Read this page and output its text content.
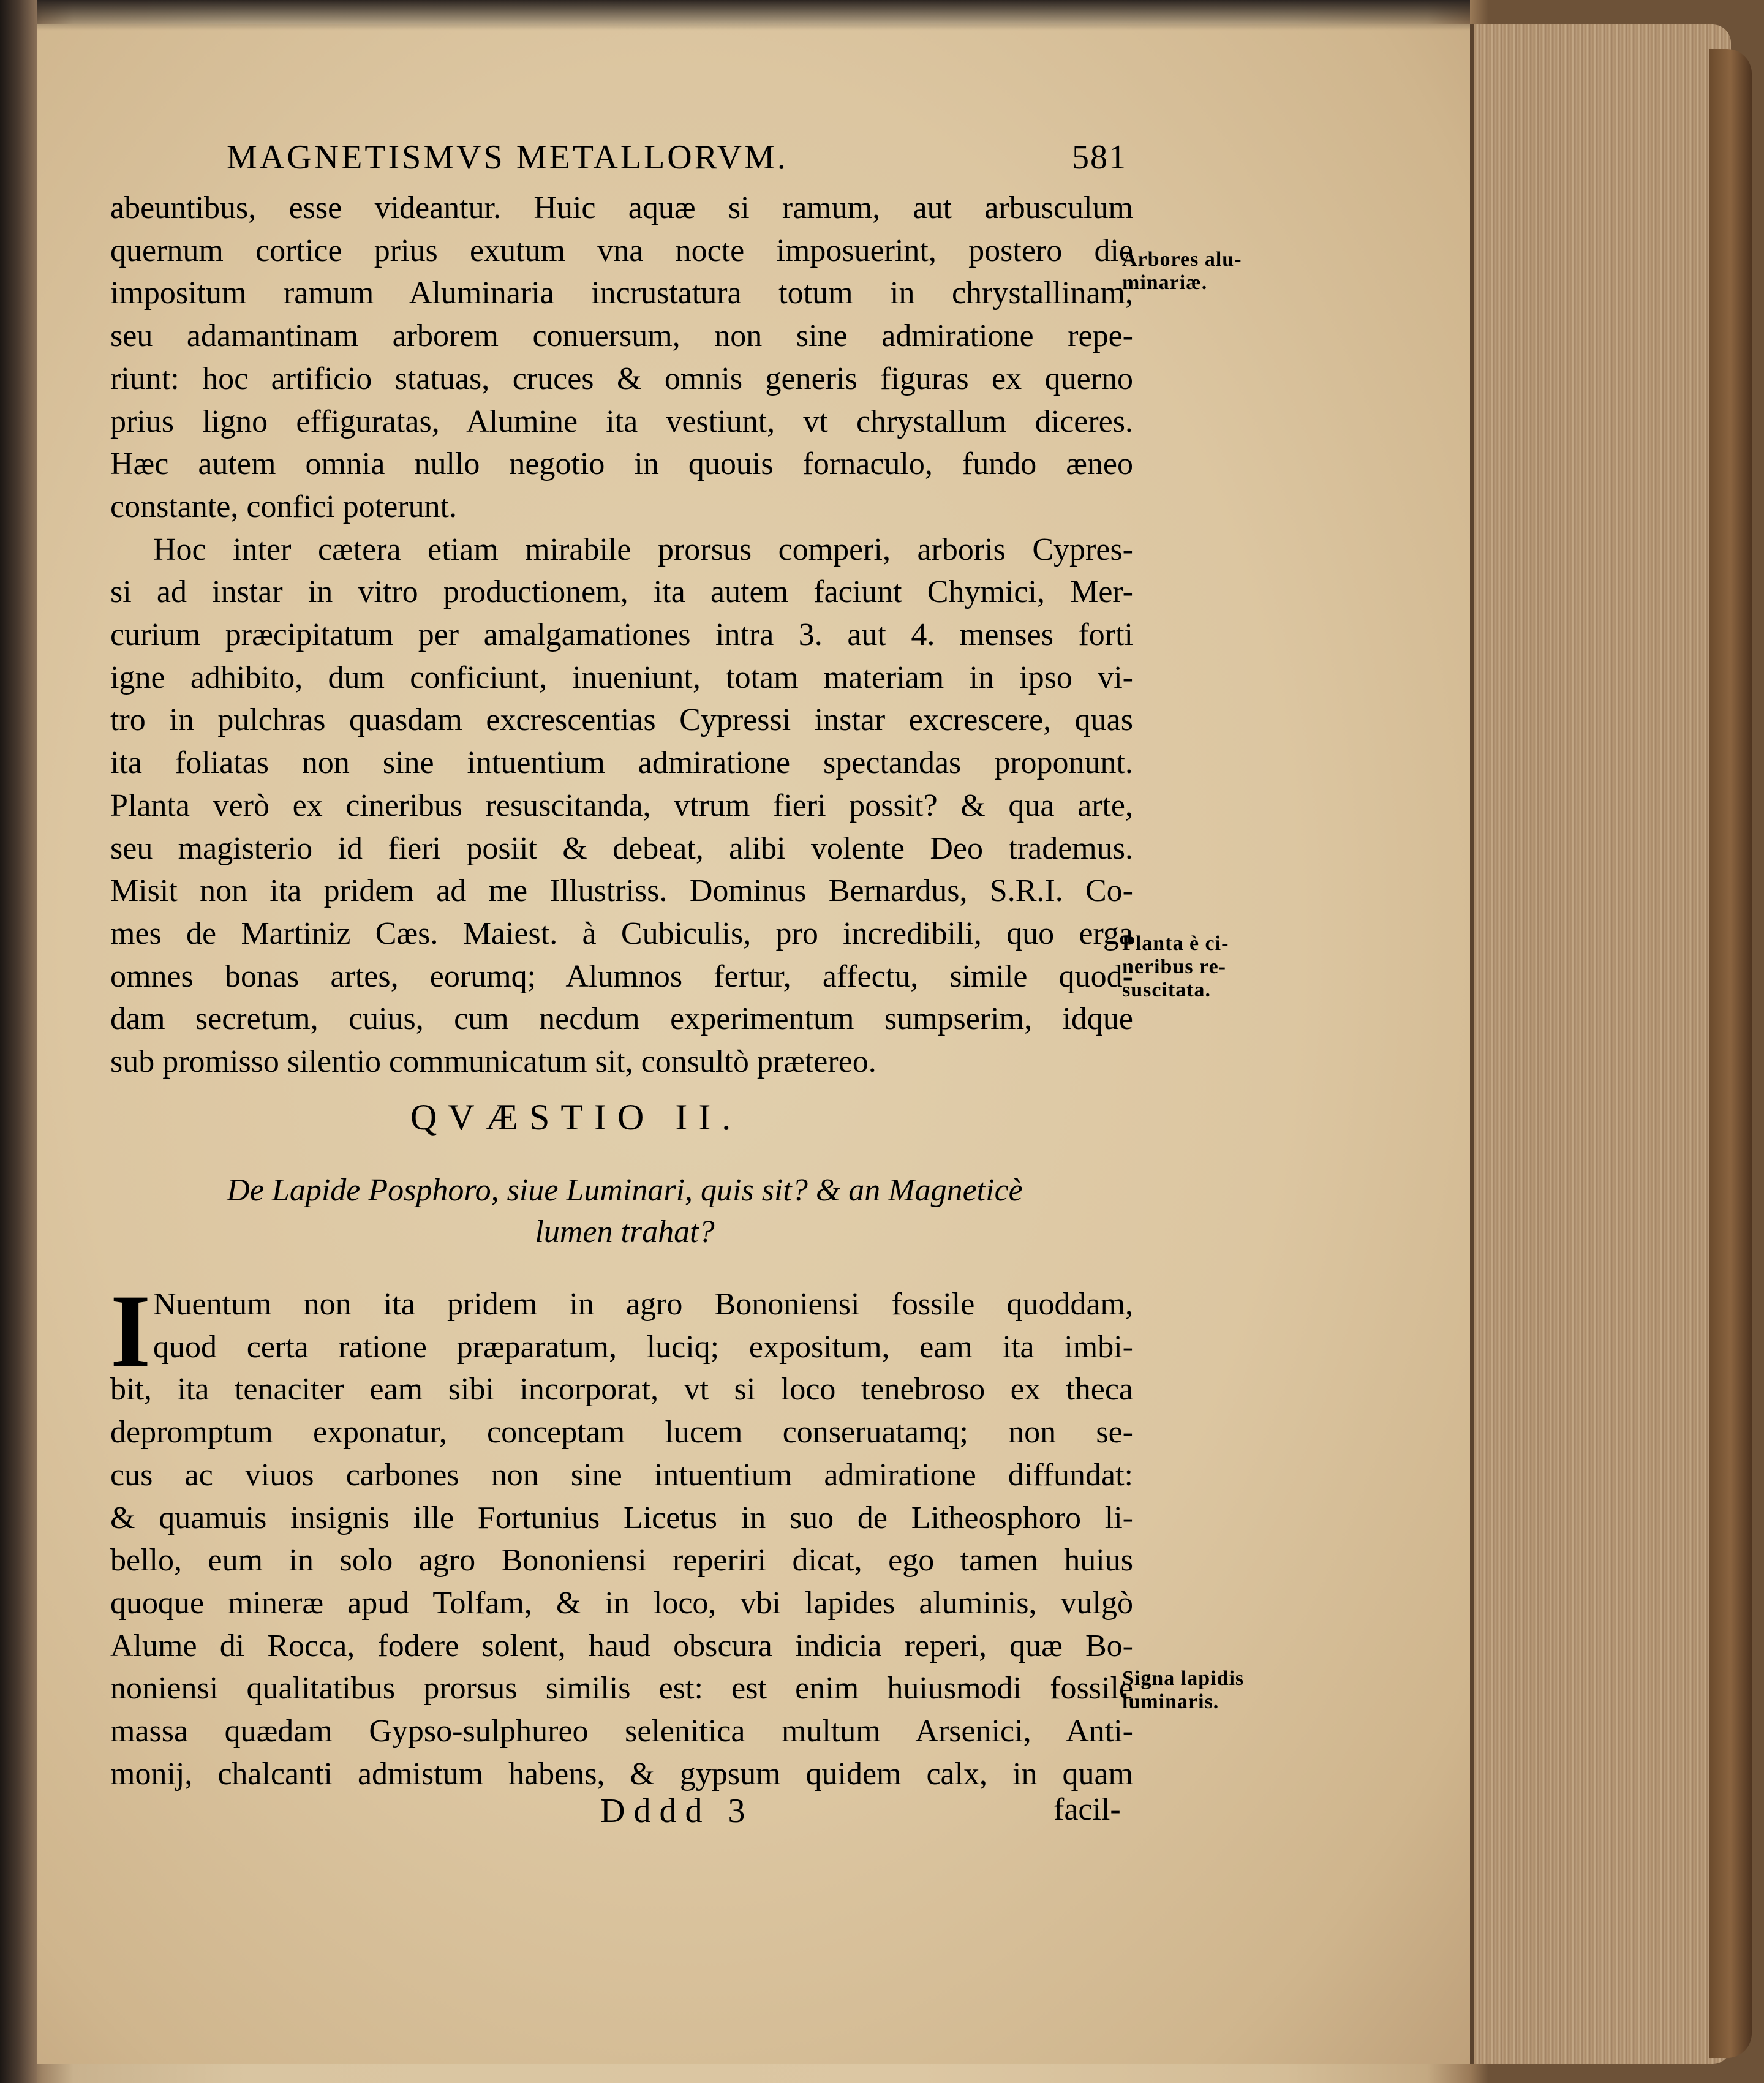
MAGNETISMVS METALLORVM.	581
abeuntibus, esse videantur. Huic aquæ si ramum, aut arbusculum
quernum cortice prius exutum vna nocte imposuerint, postero die
impositum ramum Aluminaria incrustatura totum in chrystallinam,
seu adamantinam arborem conuersum, non sine admiratione repe-
riunt: hoc artificio statuas, cruces & omnis generis figuras ex querno
prius ligno effiguratas, Alumine ita vestiunt, vt chrystallum diceres.
Hæc autem omnia nullo negotio in quouis fornaculo, fundo æneo
constante, confici poterunt.
Hoc inter cætera etiam mirabile prorsus comperi, arboris Cypres-
si ad instar in vitro productionem, ita autem faciunt Chymici, Mer-
curium præcipitatum per amalgamationes intra 3. aut 4. menses forti
igne adhibito, dum conficiunt, inueniunt, totam materiam in ipso vi-
tro in pulchras quasdam excrescentias Cypressi instar excrescere, quas
ita foliatas non sine intuentium admiratione spectandas proponunt.
Planta verò ex cineribus resuscitanda, vtrum fieri possit? & qua arte,
seu magisterio id fieri posiit & debeat, alibi volente Deo trademus.
Misit non ita pridem ad me Illustriss. Dominus Bernardus, S.R.I. Co-
mes de Martiniz Cæs. Maiest. à Cubiculis, pro incredibili, quo erga
omnes bonas artes, eorumq; Alumnos fertur, affectu, simile quod-
dam secretum, cuius, cum necdum experimentum sumpserim, idque
sub promisso silentio communicatum sit, consultò prætereo.
QVÆSTIO II.
De Lapide Posphoro, siue Luminari, quis sit? & an Magneticè
lumen trahat?
I Nuentum non ita pridem in agro Bononiensi fossile quoddam,
quod certa ratione præparatum, luciq; expositum, eam ita imbi-
bit, ita tenaciter eam sibi incorporat, vt si loco tenebroso ex theca
depromptum exponatur, conceptam lucem conseruatamq; non se-
cus ac viuos carbones non sine intuentium admiratione diffundat:
& quamuis insignis ille Fortunius Licetus in suo de Litheosphoro li-
bello, eum in solo agro Bononiensi reperiri dicat, ego tamen huius
quoque mineræ apud Tolfam, & in loco, vbi lapides aluminis, vulgò
Alume di Rocca, fodere solent, haud obscura indicia reperi, quæ Bo-
noniensi qualitatibus prorsus similis est: est enim huiusmodi fossile
massa quædam Gypso-sulphureo selenitica multum Arsenici, Anti-
monij, chalcanti admistum habens, & gypsum quidem calx, in quam
Arbores alu-
minariæ.
Planta è ci-
neribus re-
suscitata.
Signa lapidis
luminaris.
Dddd 3	facil-
